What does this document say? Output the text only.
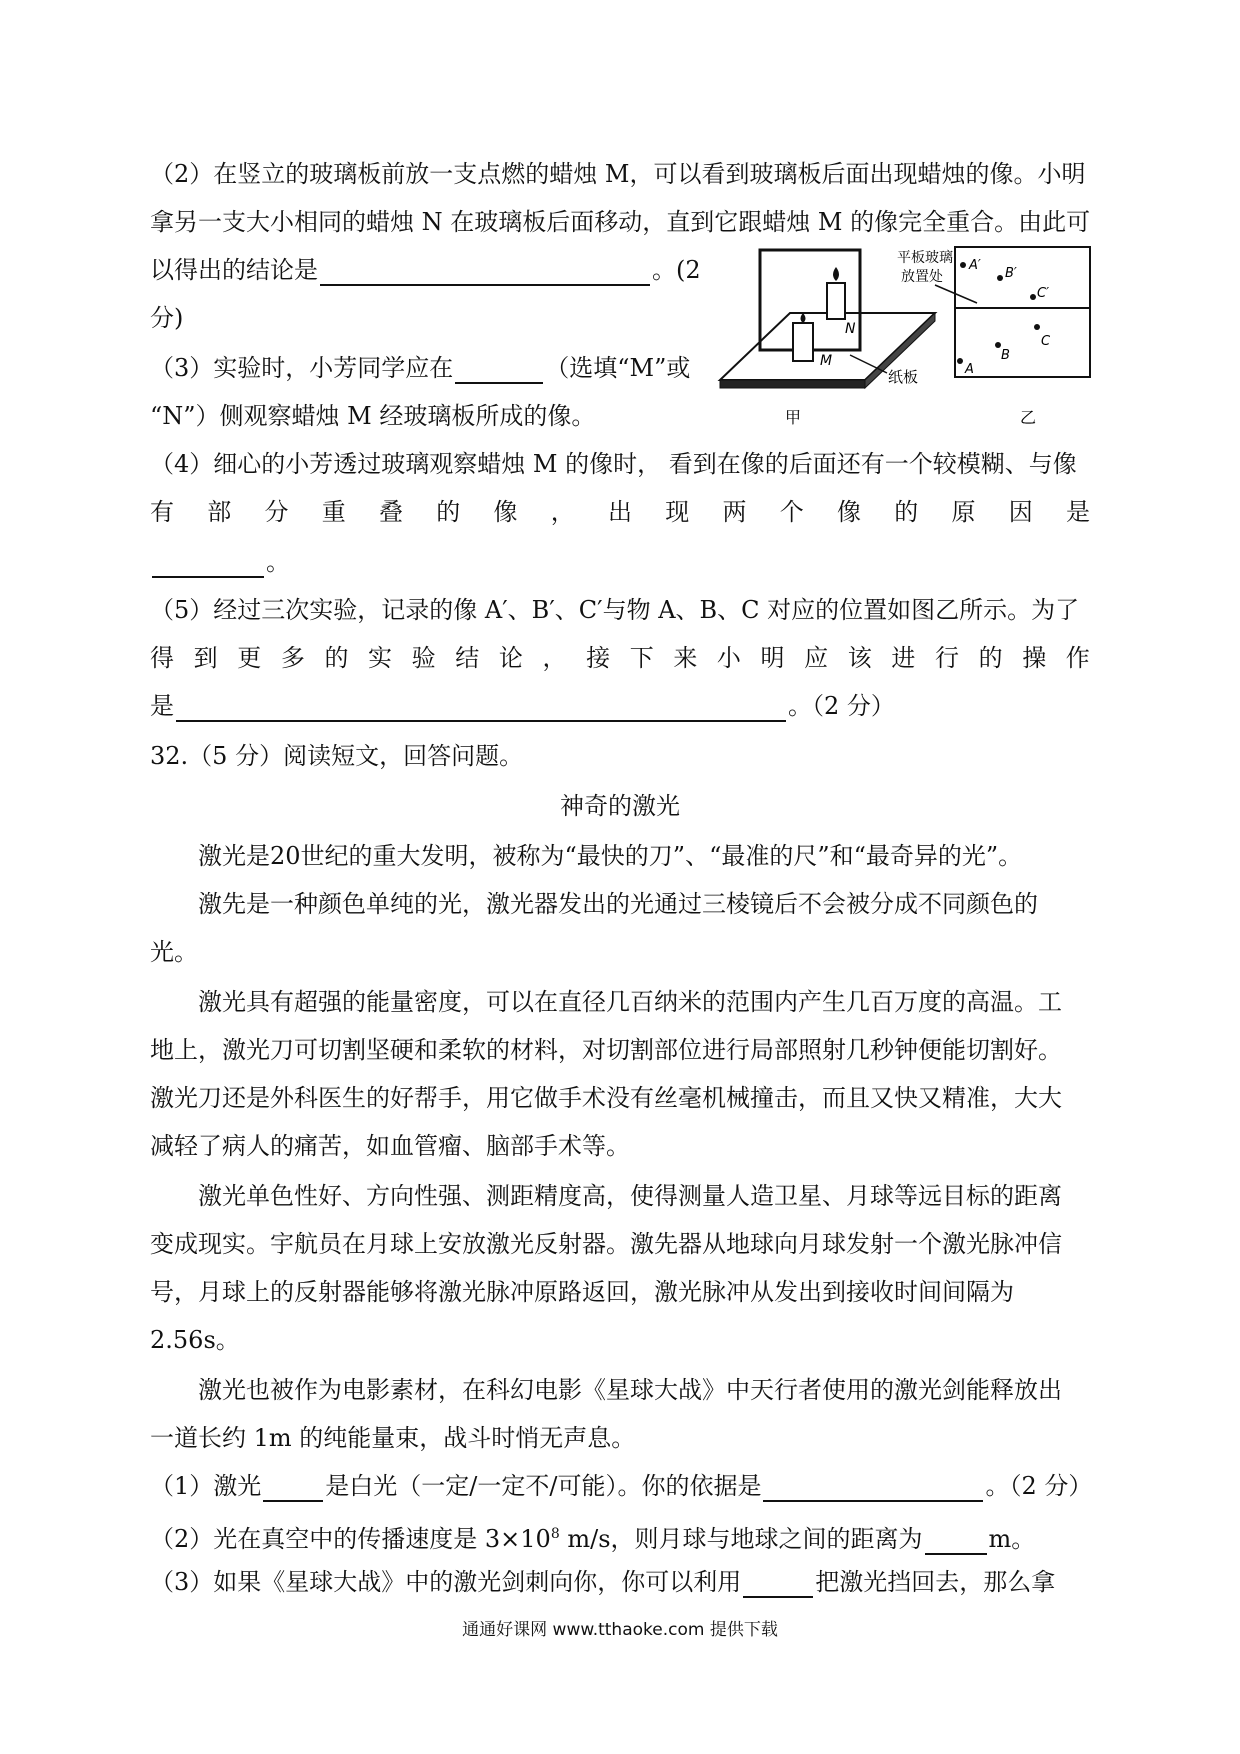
（2）在竖立的玻璃板前放一支点燃的蜡烛 M，可以看到玻璃板后面出现蜡烛的像。小明
拿另一支大小相同的蜡烛 N 在玻璃板后面移动，直到它跟蜡烛 M 的像完全重合。由此可
以得出的结论是	。(2
分)
（3）实验时，小芳同学应在	（选填“M”或
“N”）侧观察蜡烛 M 经玻璃板所成的像。
M
N
纸板
甲
平板玻璃
放置处
A′
B′
C′
A
B
C
乙
（4）细心的小芳透过玻璃观察蜡烛 M 的像时， 看到在像的后面还有一个较模糊、与像
有 部 分 重 叠 的 像 ， 出 现 两 个 像 的 原 因 是
。
（5）经过三次实验，记录的像 A′、B′、C′与物 A、B、C 对应的位置如图乙所示。为了
得 到 更 多 的 实 验 结 论 ， 接 下 来 小 明 应 该 进 行 的 操 作
是	。（2 分）
32.（5 分）阅读短文，回答问题。
神奇的激光
激光是20世纪的重大发明，被称为“最快的刀”、“最准的尺”和“最奇异的光”。
激先是一种颜色单纯的光，激光器发出的光通过三棱镜后不会被分成不同颜色的
光。
激光具有超强的能量密度，可以在直径几百纳米的范围内产生几百万度的高温。工
地上，激光刀可切割坚硬和柔软的材料，对切割部位进行局部照射几秒钟便能切割好。
激光刀还是外科医生的好帮手，用它做手术没有丝毫机械撞击，而且又快又精准，大大
减轻了病人的痛苦，如血管瘤、脑部手术等。
激光单色性好、方向性强、测距精度高，使得测量人造卫星、月球等远目标的距离
变成现实。宇航员在月球上安放激光反射器。激先器从地球向月球发射一个激光脉冲信
号，月球上的反射器能够将激光脉冲原路返回，激光脉冲从发出到接收时间间隔为
2.56s。
激光也被作为电影素材，在科幻电影《星球大战》中天行者使用的激光剑能释放出
一道长约 1m 的纯能量束，战斗时悄无声息。
（1）激光	是白光（一定/一定不/可能）。你的依据是	。（2 分）
（2）光在真空中的传播速度是 $3\times 10^8$ m/s，则月球与地球之间的距离为	m。
（3）如果《星球大战》中的激光剑刺向你，你可以利用	把激光挡回去，那么拿
通通好课网 www.tthaoke.com 提供下载
